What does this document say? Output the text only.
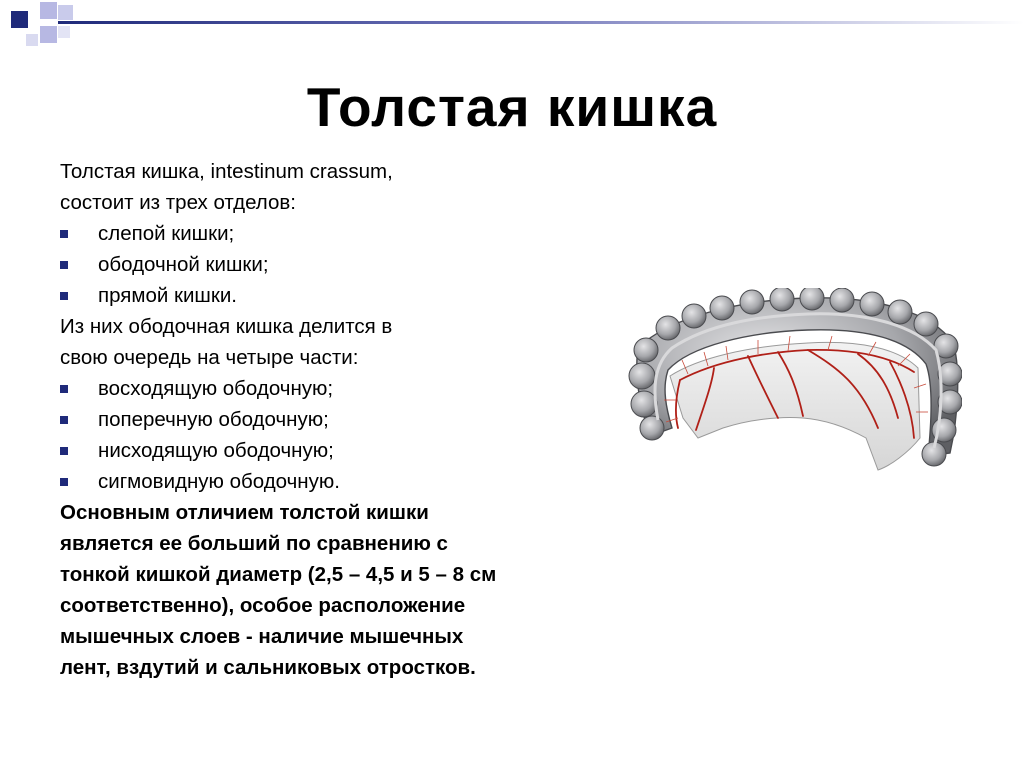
Толстая кишка

Толстая кишка, intestinum crassum,

состоит из трех отделов:

слепой кишки;
ободочной кишки;
прямой кишки.

Из них ободочная кишка делится в

свою очередь на четыре части:

восходящую ободочную;
поперечную ободочную;
нисходящую ободочную;
сигмовидную ободочную.

Основным отличием толстой кишки

является ее больший по сравнению с

тонкой кишкой диаметр (2,5 – 4,5 и 5 – 8 см

соответственно), особое расположение

мышечных слоев - наличие мышечных

лент, вздутий и сальниковых отростков.
